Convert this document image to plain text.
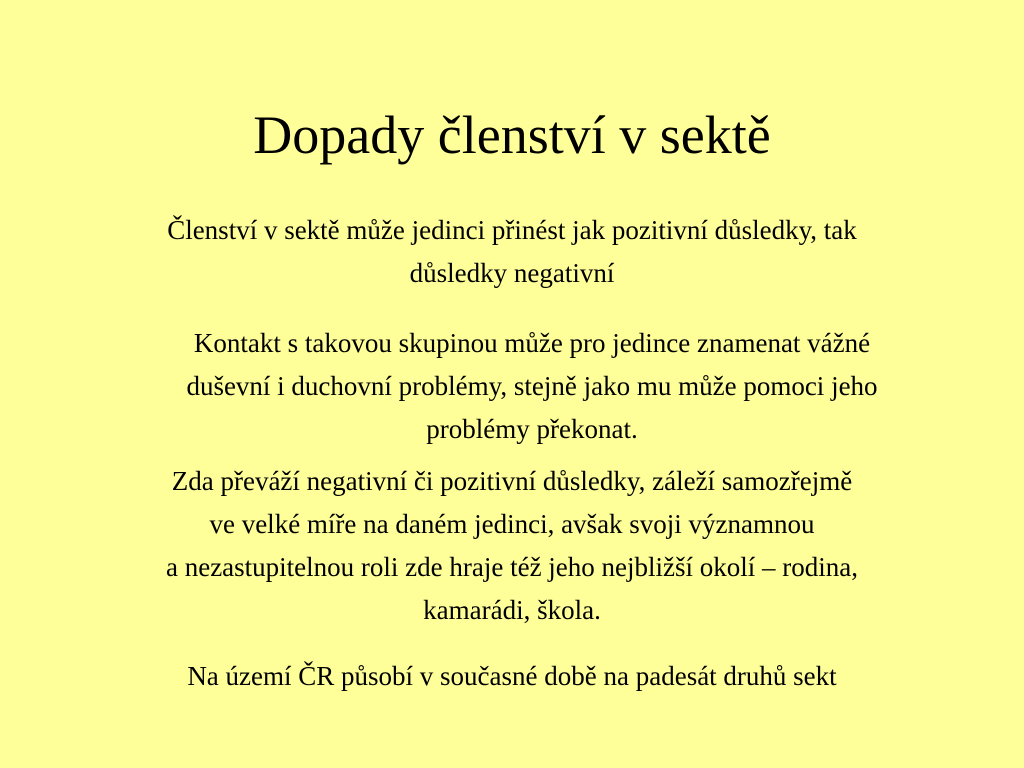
Dopady členství v sektě

Členství v sektě může jedinci přinést jak pozitivní důsledky, tak
důsledky negativní

Kontakt s takovou skupinou může pro jedince znamenat vážné
duševní i duchovní problémy, stejně jako mu může pomoci jeho
problémy překonat.

Zda převáží negativní či pozitivní důsledky, záleží samozřejmě
ve velké míře na daném jedinci, avšak svoji významnou
a nezastupitelnou roli zde hraje též jeho nejbližší okolí – rodina,
kamarádi, škola.

Na území ČR působí v současné době na padesát druhů sekt
